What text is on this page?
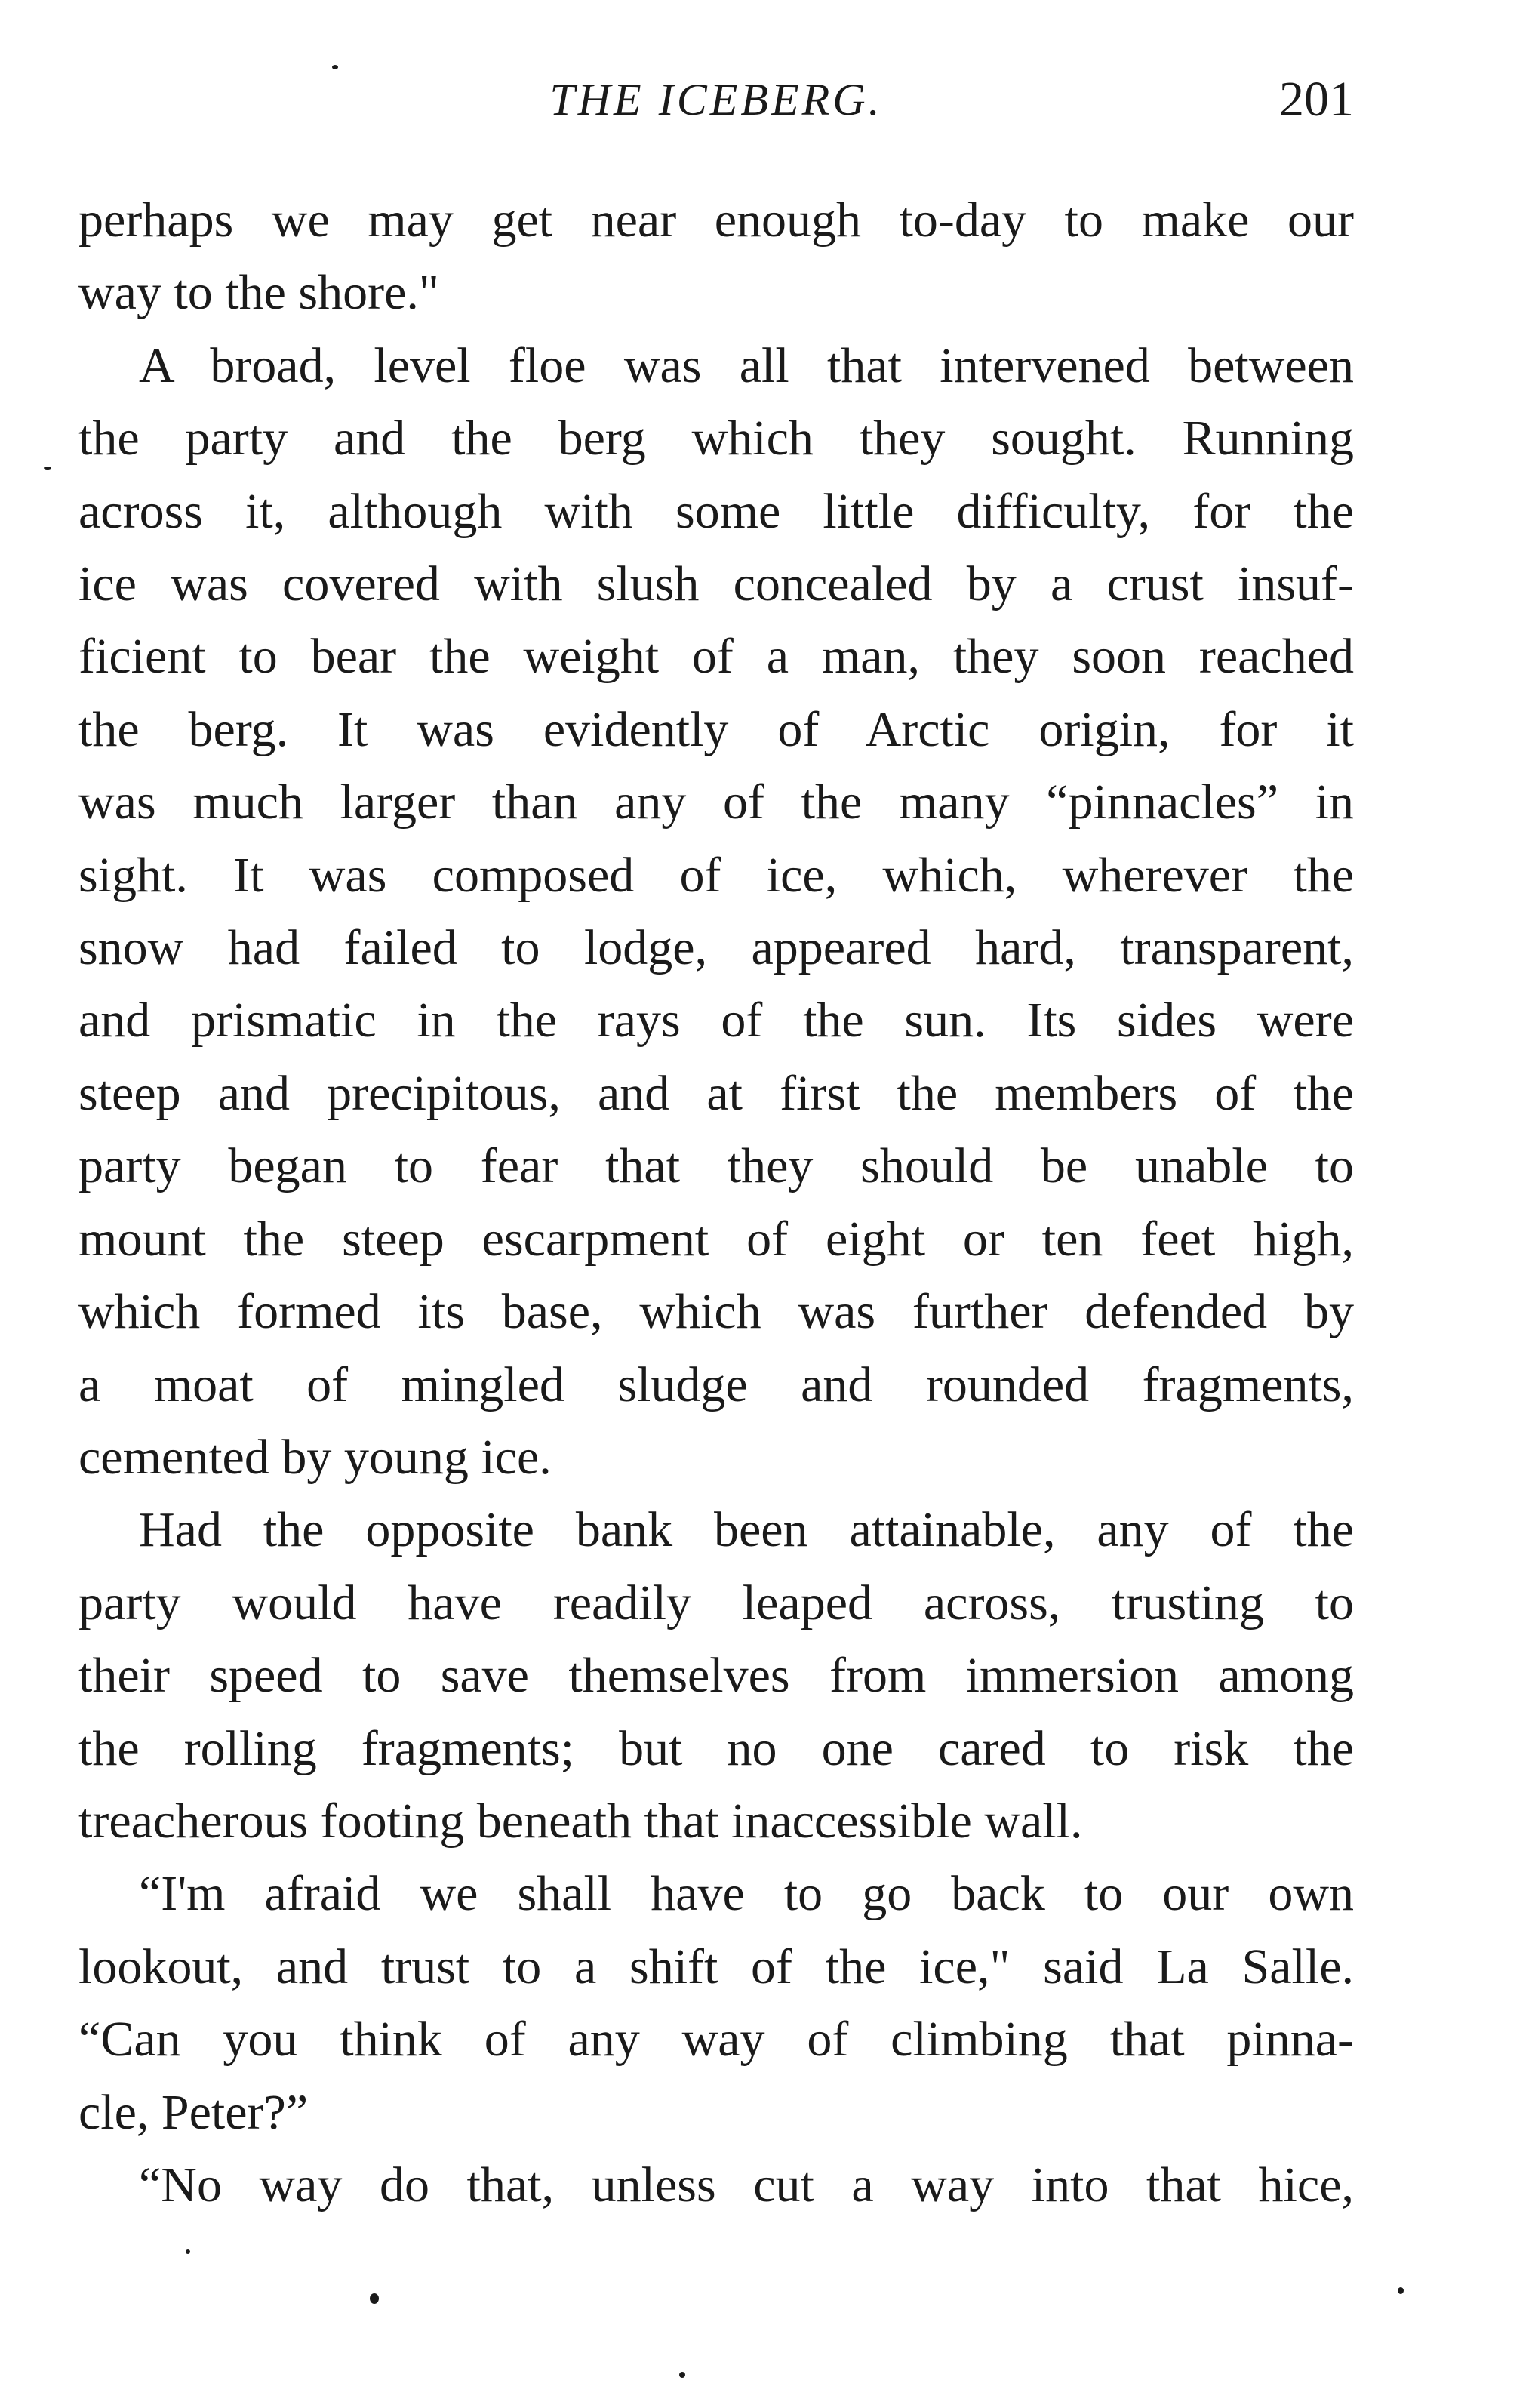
THE ICEBERG.	201
perhaps we may get near enough to-day to make our
way to the shore."
A broad, level floe was all that intervened between
the party and the berg which they sought. Running
across it, although with some little difficulty, for the
ice was covered with slush concealed by a crust insuf-
ficient to bear the weight of a man, they soon reached
the berg. It was evidently of Arctic origin, for it
was much larger than any of the many “pinnacles” in
sight. It was composed of ice, which, wherever the
snow had failed to lodge, appeared hard, transparent,
and prismatic in the rays of the sun. Its sides were
steep and precipitous, and at first the members of the
party began to fear that they should be unable to
mount the steep escarpment of eight or ten feet high,
which formed its base, which was further defended by
a moat of mingled sludge and rounded fragments,
cemented by young ice.
Had the opposite bank been attainable, any of the
party would have readily leaped across, trusting to
their speed to save themselves from immersion among
the rolling fragments; but no one cared to risk the
treacherous footing beneath that inaccessible wall.
“I'm afraid we shall have to go back to our own
lookout, and trust to a shift of the ice," said La Salle.
“Can you think of any way of climbing that pinna-
cle, Peter?”
“No way do that, unless cut a way into that hice,
